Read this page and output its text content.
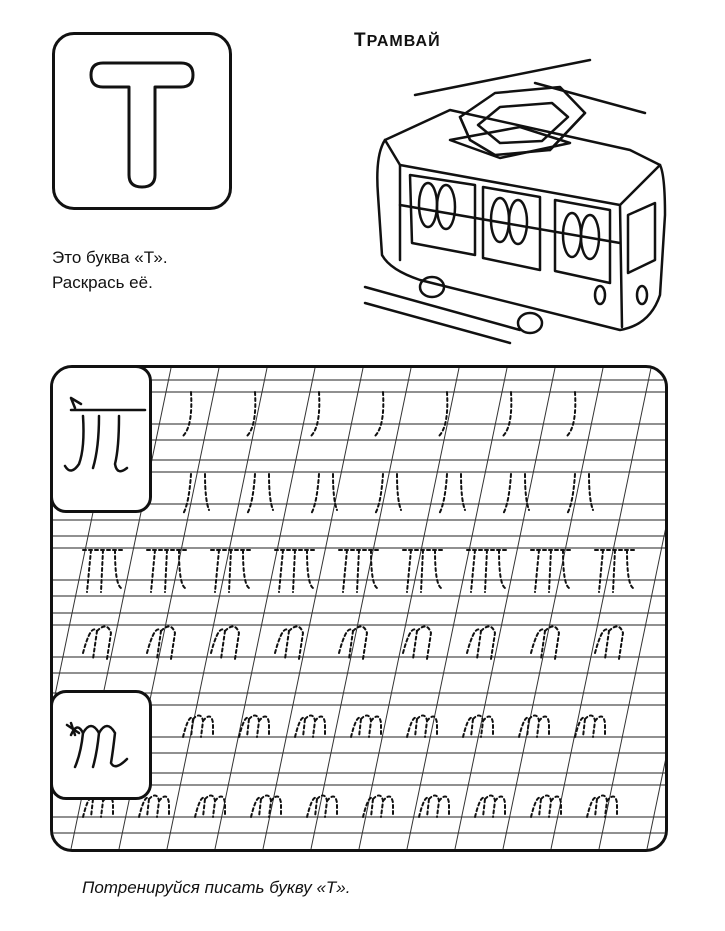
Это буква «Т».
Раскрась её.
ТРАМВАЙ
Потренируйся писать букву «Т».
